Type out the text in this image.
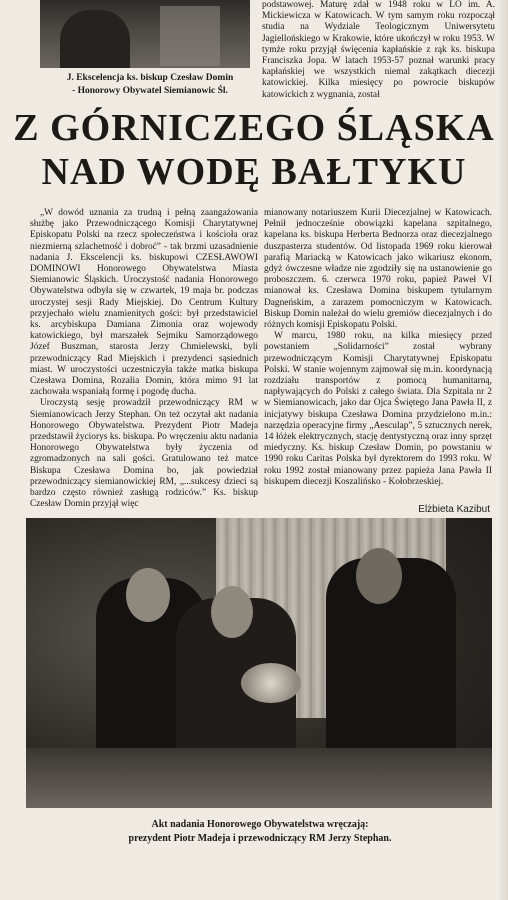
J. Ekscelencja ks. biskup Czesław Domin
- Honorowy Obywatel Siemianowic Śl.

podstawowej. Maturę zdał w 1948 roku w LO im. A. Mickiewicza w Katowicach. W tym samym roku rozpoczął studia na Wydziale Teologicznym Uniwersytetu Jagiellońskiego w Krakowie, które ukończył w roku 1953. W tymże roku przyjął święcenia kapłańskie z rąk ks. biskupa Franciszka Jopa. W latach 1953-57 poznał warunki pracy kapłańskiej we wszystkich niemal zakątkach diecezji katowickiej. Kilka miesięcy po powrocie biskupów katowickich z wygnania, został

Z GÓRNICZEGO ŚLĄSKA
NAD WODĘ BAŁTYKU

„W dowód uznania za trudną i pełną zaangażowania służbę jako Przewodniczącego Komisji Charytatywnej Episkopatu Polski na rzecz społeczeństwa i kościoła oraz niezmierną szlachetność i dobroć” - tak brzmi uzasadnienie nadania J. Ekscelencji ks. biskupowi CZESŁAWOWI DOMINOWI Honorowego Obywatelstwa Miasta Siemianowic Śląskich. Uroczystość nadania Honorowego Obywatelstwa odbyła się w czwartek, 19 maja br. podczas uroczystej sesji Rady Miejskiej. Do Centrum Kultury przyjechało wielu znamienitych gości: był przedstawiciel ks. arcybiskupa Damiana Zimonia oraz wojewody katowickiego, był marszałek Sejmiku Samorządowego Józef Buszman, starosta Jerzy Chmielewski, byli przewodniczący Rad Miejskich i prezydenci sąsiednich miast. W uroczystości uczestniczyła także matka biskupa Czesława Domina, Rozalia Domin, która mimo 91 lat zachowała wspaniałą formę i pogodę ducha.

Uroczystą sesję prowadził przewodniczący RM w Siemianowicach Jerzy Stephan. On też oczytał akt nadania Honorowego Obywatelstwa. Prezydent Piotr Madeja przedstawił życiorys ks. biskupa. Po wręczeniu aktu nadania Honorowego Obywatelstwa były życzenia od zgromadzonych na sali gości. Gratulowano też matce Biskupa Czesława Domina bo, jak powiedział przewodniczący siemianowickiej RM, „...sukcesy dzieci są bardzo często również zasługą rodziców.” Ks. biskup Czesław Domin przyjął więc

mianowany notariuszem Kurii Diecezjalnej w Katowicach. Pełnił jednocześnie obowiązki kapelana szpitalnego, kapelana ks. biskupa Herberta Bednorza oraz diecezjalnego duszpasterza studentów. Od listopada 1969 roku kierował parafią Mariacką w Katowicach jako wikariusz ekonom, gdyż ówczesne władze nie zgodziły się na ustanowienie go proboszczem. 6. czerwca 1970 roku, papież Paweł VI mianował ks. Czesława Domina biskupem tytularnym Dagneńskim, a zarazem pomocniczym w Katowicach. Biskup Domin należał do wielu gremiów diecezjalnych i do różnych komisji Episkopatu Polski.

W marcu, 1980 roku, na kilka miesięcy przed powstaniem „Solidarności” został wybrany przewodniczącym Komisji Charytatywnej Episkopatu Polski. W stanie wojennym zajmował się m.in. koordynacją rozdziału transportów z pomocą humanitarną, napływających do Polski z całego świata. Dla Szpitala nr 2 w Siemianowicach, jako dar Ojca Świętego Jana Pawła II, z inicjatywy biskupa Czesława Domina przydzielono m.in.: narzędzia operacyjne firmy „Aesculap”, 5 sztucznych nerek, 14 łóżek elektrycznych, stację dentystyczną oraz inny sprzęt miedyczny. Ks. biskup Czesław Domin, po powstaniu w 1990 roku Caritas Polska był dyrektorem do 1993 roku. W roku 1992 został mianowany przez papieża Jana Pawła II biskupem diecezji Koszalińsko - Kołobrzeskiej.

Elżbieta Kazibut
Akt nadania Honorowego Obywatelstwa wręczają:
prezydent Piotr Madeja i przewodniczący RM Jerzy Stephan.
